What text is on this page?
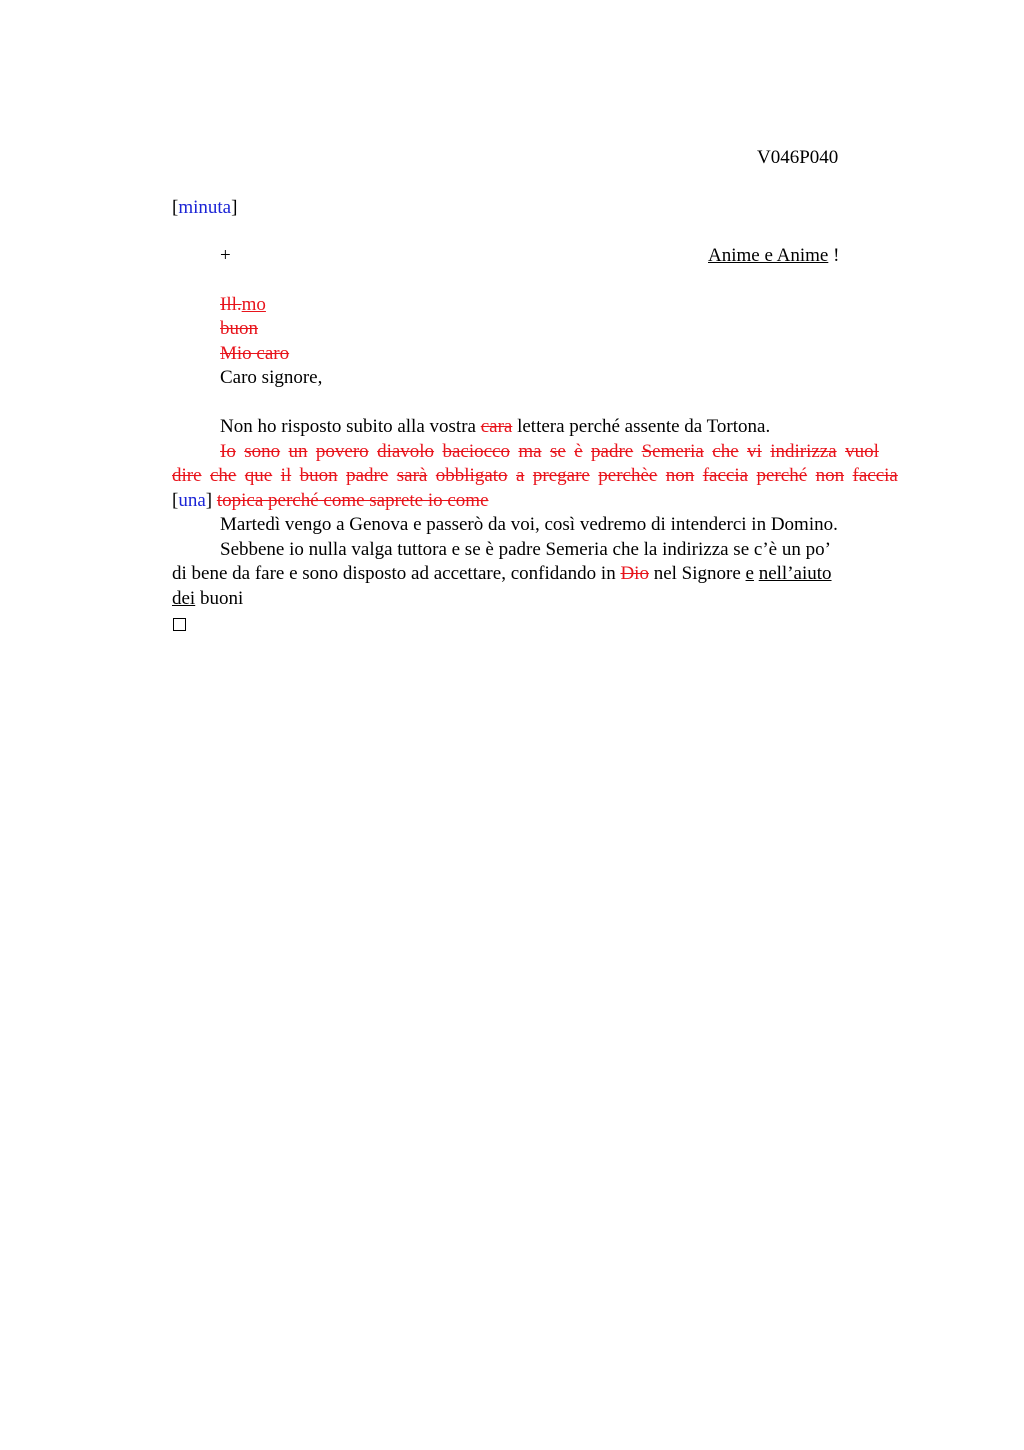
V046P040
[minuta]
+	Anime e Anime !
Ill.mo
buon
Mio caro
Caro signore,
Non ho risposto subito alla vostra cara lettera perché assente da Tortona.
Io sono un povero diavolo baciocco ma se è padre Semeria che vi indirizza vuol
dire che que il buon padre sarà obbligato a pregare perchèe non faccia perché non faccia
[una] topica perché come saprete io come
Martedì vengo a Genova e passerò da voi, così vedremo di intenderci in Domino.
Sebbene io nulla valga tuttora e se è padre Semeria che la indirizza se c’è un po’
di bene da fare e sono disposto ad accettare, confidando in Dio nel Signore e nell’aiuto
dei buoni
